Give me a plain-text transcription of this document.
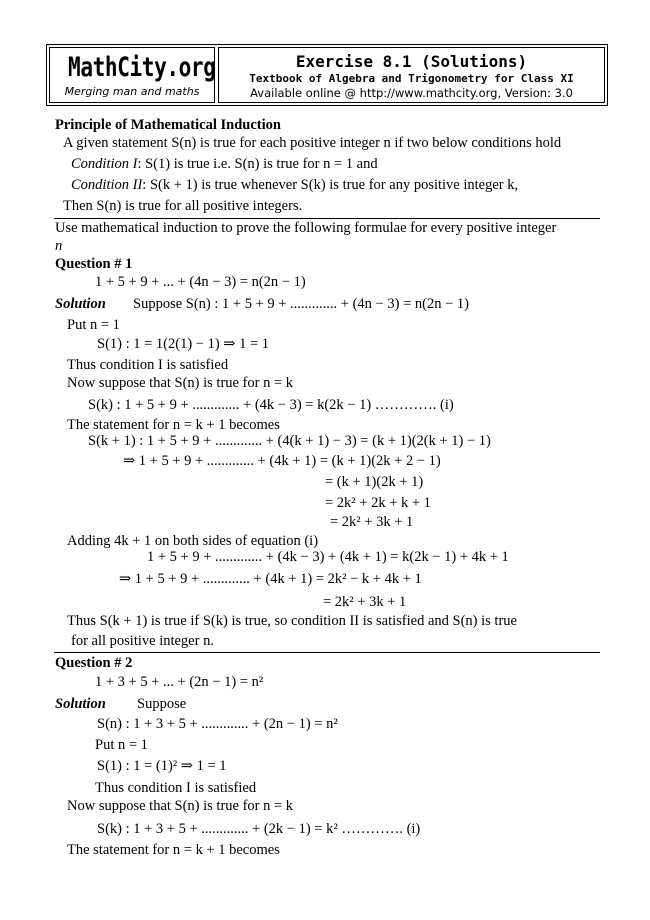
MathCity.org
Merging man and maths
Exercise 8.1 (Solutions)
Textbook of Algebra and Trigonometry for Class XI
Available online @ http://www.mathcity.org, Version: 3.0
Principle of Mathematical Induction
A given statement S(n) is true for each positive integer n if two below conditions hold
Condition I: S(1) is true i.e. S(n) is true for n = 1 and
Condition II: S(k + 1) is true whenever S(k) is true for any positive integer k,
Then S(n) is true for all positive integers.
Use mathematical induction to prove the following formulae for every positive integer
n
Question # 1
1 + 5 + 9 + ... + (4n − 3) = n(2n − 1)
Solution Suppose S(n) : 1 + 5 + 9 + ............. + (4n − 3) = n(2n − 1)
Put n = 1
S(1) : 1 = 1(2(1) − 1) ⇒ 1 = 1
Thus condition I is satisfied
Now suppose that S(n) is true for n = k
S(k) : 1 + 5 + 9 + ............. + (4k − 3) = k(2k − 1) …………. (i)
The statement for n = k + 1 becomes
S(k + 1) : 1 + 5 + 9 + ............. + (4(k + 1) − 3) = (k + 1)(2(k + 1) − 1)
⇒ 1 + 5 + 9 + ............. + (4k + 1) = (k + 1)(2k + 2 − 1)
= (k + 1)(2k + 1)
= 2k² + 2k + k + 1
= 2k² + 3k + 1
Adding 4k + 1 on both sides of equation (i)
1 + 5 + 9 + ............. + (4k − 3) + (4k + 1) = k(2k − 1) + 4k + 1
⇒ 1 + 5 + 9 + ............. + (4k + 1) = 2k² − k + 4k + 1
= 2k² + 3k + 1
Thus S(k + 1) is true if S(k) is true, so condition II is satisfied and S(n) is true
for all positive integer n.
Question # 2
1 + 3 + 5 + ... + (2n − 1) = n²
Solution Suppose
S(n) : 1 + 3 + 5 + ............. + (2n − 1) = n²
Put n = 1
S(1) : 1 = (1)² ⇒ 1 = 1
Thus condition I is satisfied
Now suppose that S(n) is true for n = k
S(k) : 1 + 3 + 5 + ............. + (2k − 1) = k² …………. (i)
The statement for n = k + 1 becomes
